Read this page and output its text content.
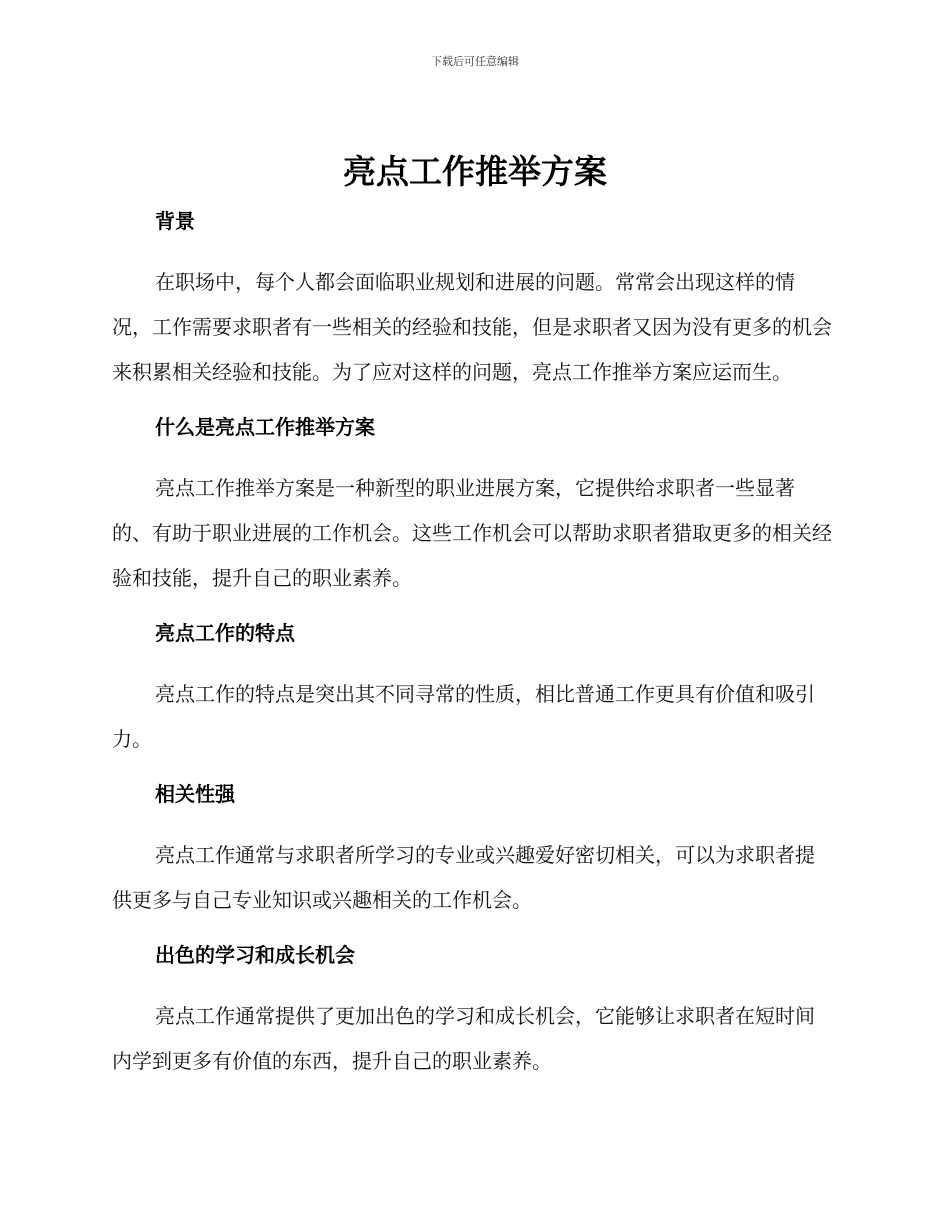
下载后可任意编辑
亮点工作推举方案
背景

在职场中，每个人都会面临职业规划和进展的问题。常常会出现这样的情况，工作需要求职者有一些相关的经验和技能，但是求职者又因为没有更多的机会来积累相关经验和技能。为了应对这样的问题，亮点工作推举方案应运而生。

什么是亮点工作推举方案

亮点工作推举方案是一种新型的职业进展方案，它提供给求职者一些显著的、有助于职业进展的工作机会。这些工作机会可以帮助求职者猎取更多的相关经验和技能，提升自己的职业素养。

亮点工作的特点

亮点工作的特点是突出其不同寻常的性质，相比普通工作更具有价值和吸引力。

相关性强

亮点工作通常与求职者所学习的专业或兴趣爱好密切相关，可以为求职者提供更多与自己专业知识或兴趣相关的工作机会。

出色的学习和成长机会

亮点工作通常提供了更加出色的学习和成长机会，它能够让求职者在短时间内学到更多有价值的东西，提升自己的职业素养。
